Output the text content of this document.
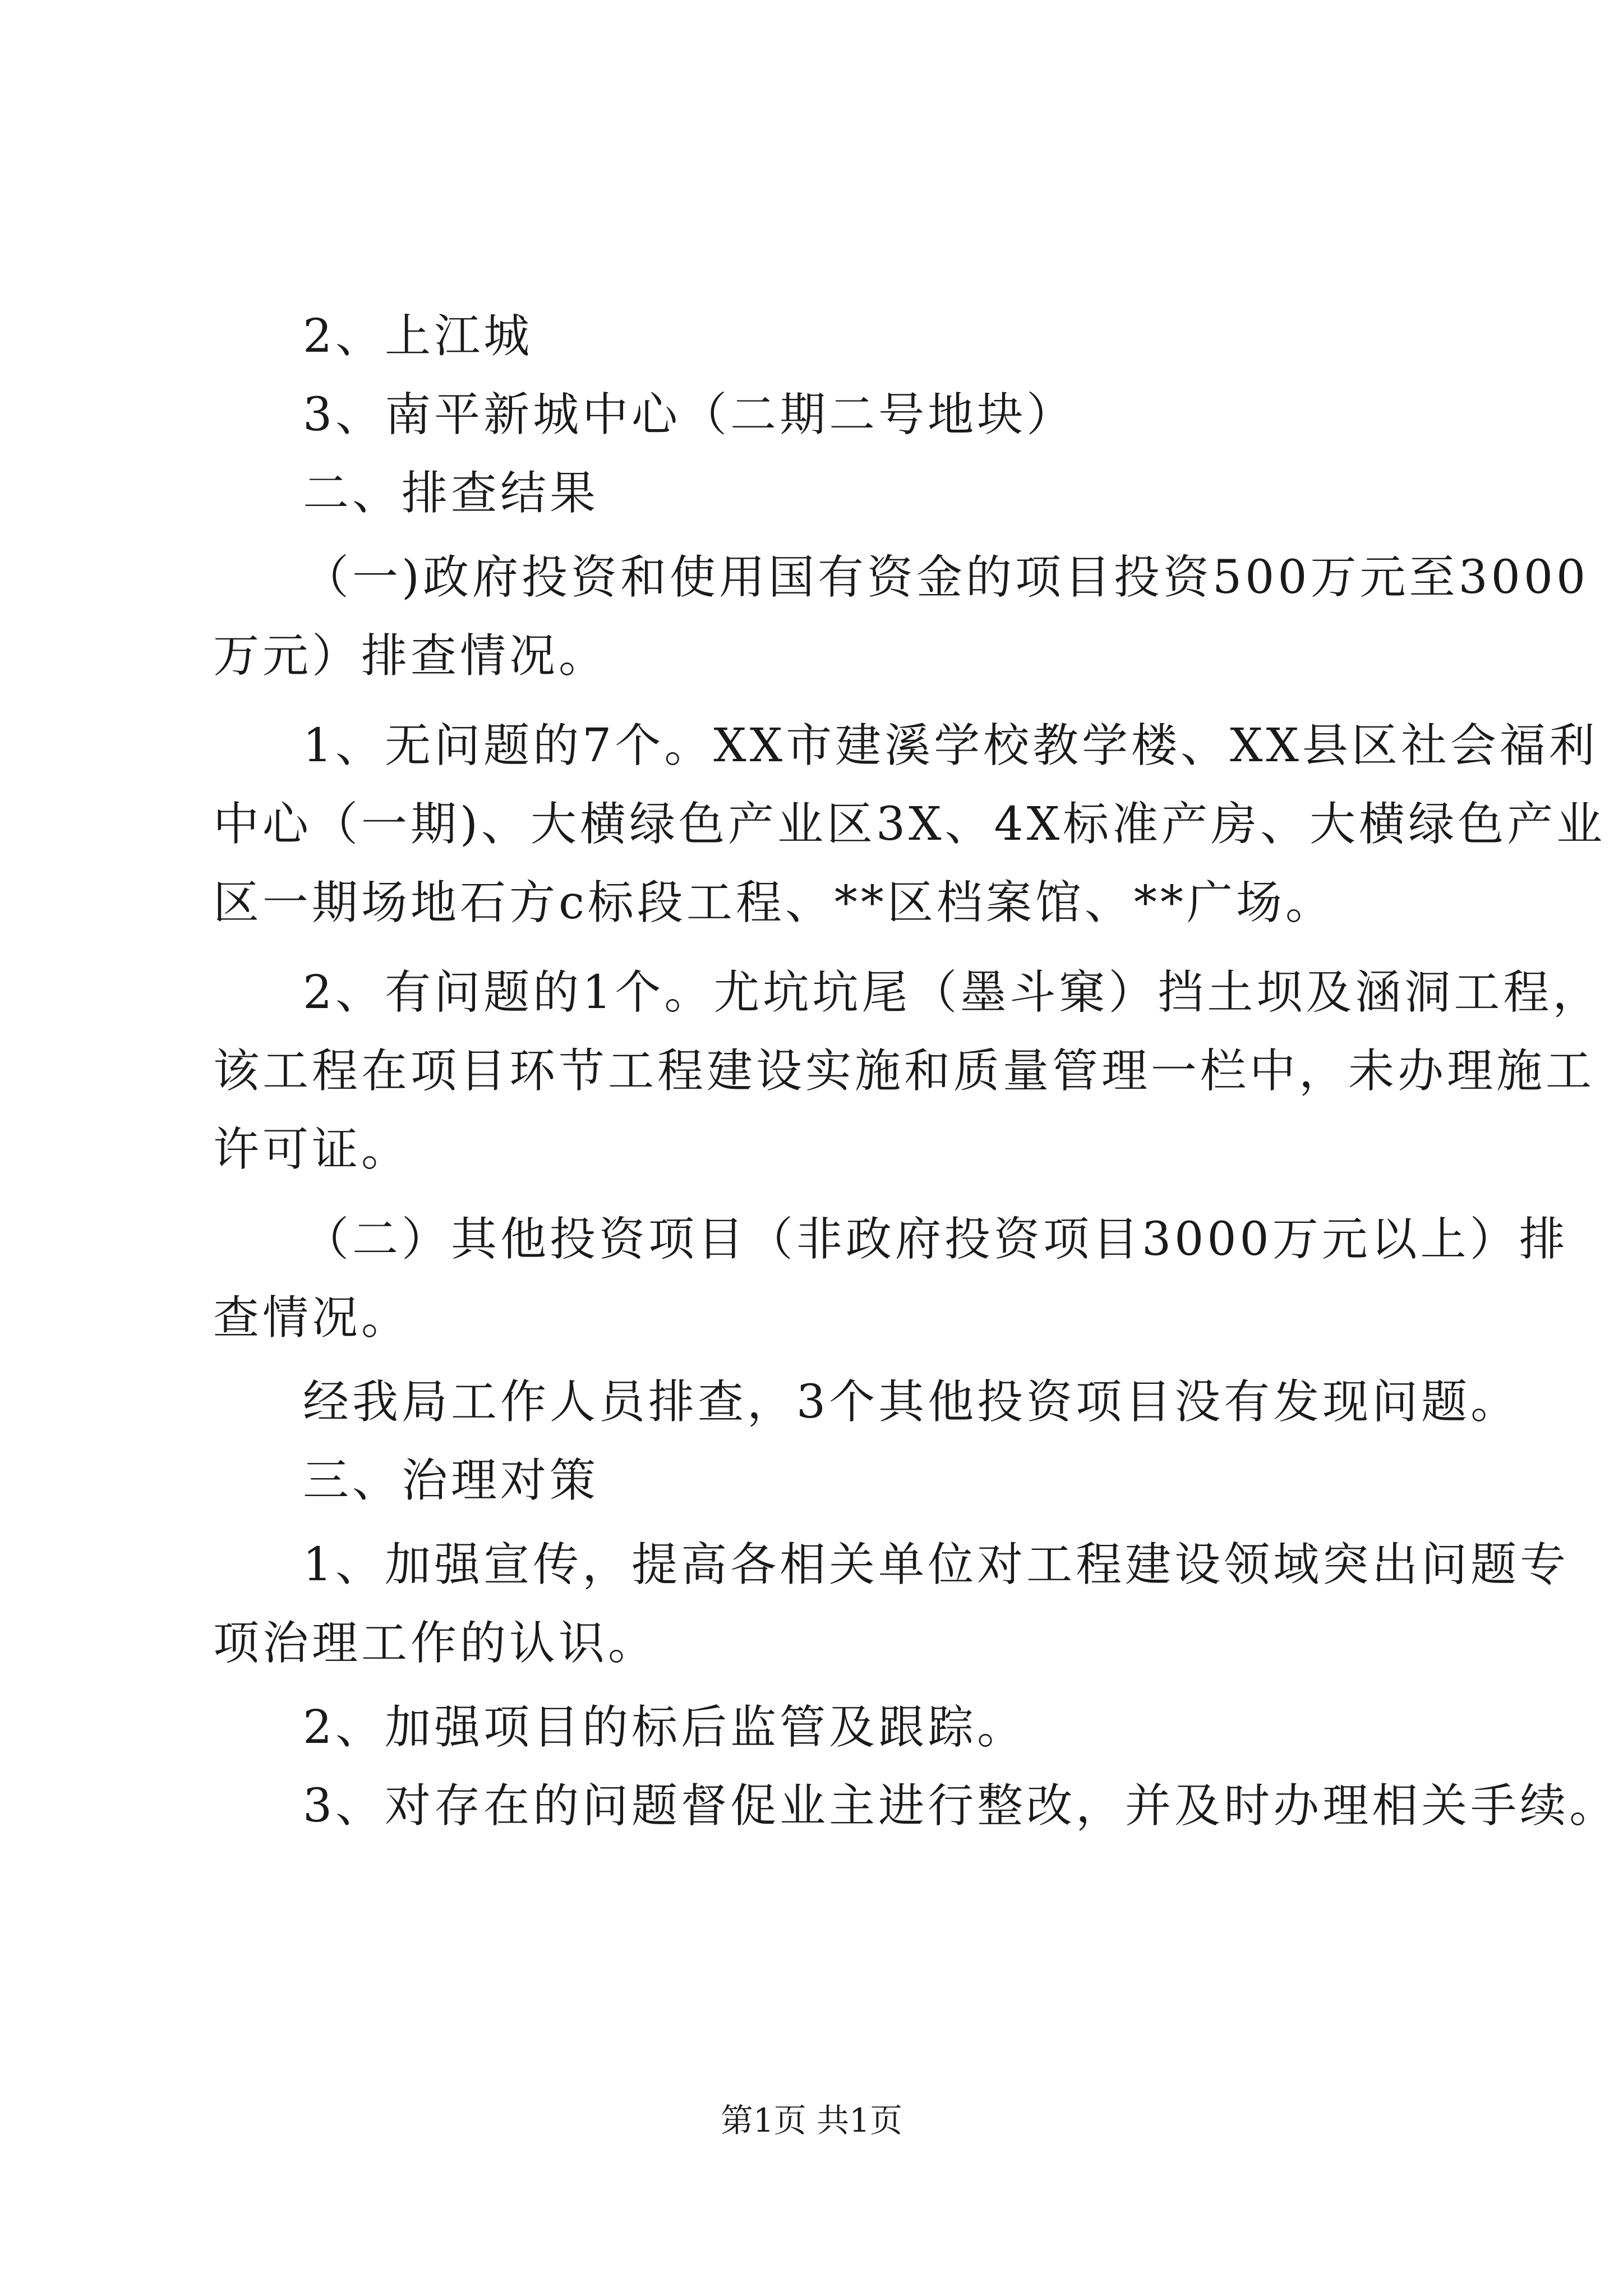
2、上江城
3、南平新城中心（二期二号地块）
二、排查结果
（一)政府投资和使用国有资金的项目投资500万元至3000
万元）排查情况。
1、无问题的7个。XX市建溪学校教学楼、XX县区社会福利
中心（一期)、大横绿色产业区3X、4X标准产房、大横绿色产业
区一期场地石方c标段工程、**区档案馆、**广场。
2、有问题的1个。尤坑坑尾（墨斗窠）挡土坝及涵洞工程，
该工程在项目环节工程建设实施和质量管理一栏中，未办理施工
许可证。
（二）其他投资项目（非政府投资项目3000万元以上）排
查情况。
经我局工作人员排查，3个其他投资项目没有发现问题。
三、治理对策
1、加强宣传，提高各相关单位对工程建设领域突出问题专
项治理工作的认识。
2、加强项目的标后监管及跟踪。
3、对存在的问题督促业主进行整改，并及时办理相关手续。
第1页 共1页
